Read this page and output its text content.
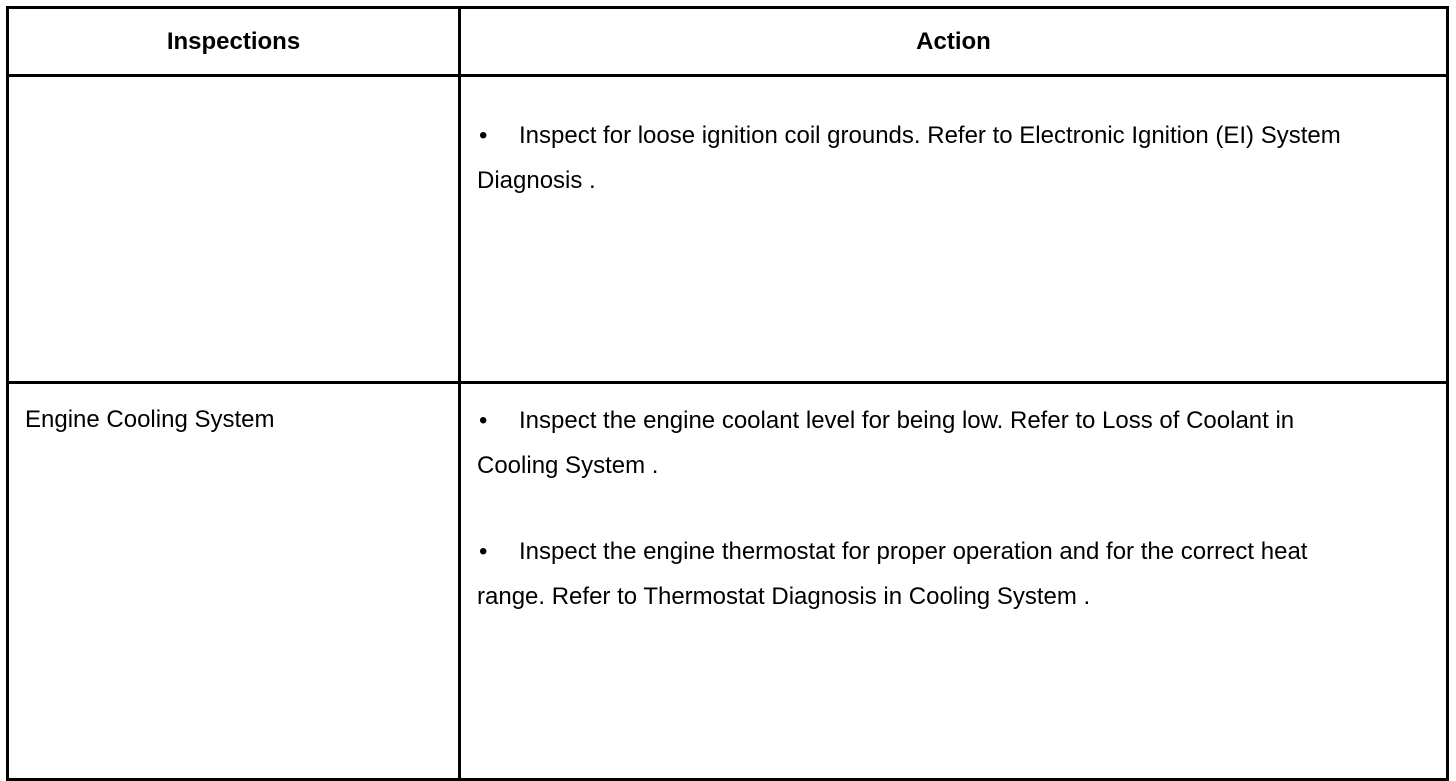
Inspections	Action

	• Inspect for loose ignition coil grounds. Refer to Electronic Ignition (EI) System Diagnosis .

Engine Cooling System	• Inspect the engine coolant level for being low. Refer to Loss of Coolant in Cooling System .
• Inspect the engine thermostat for proper operation and for the correct heat range. Refer to Thermostat Diagnosis in Cooling System .
